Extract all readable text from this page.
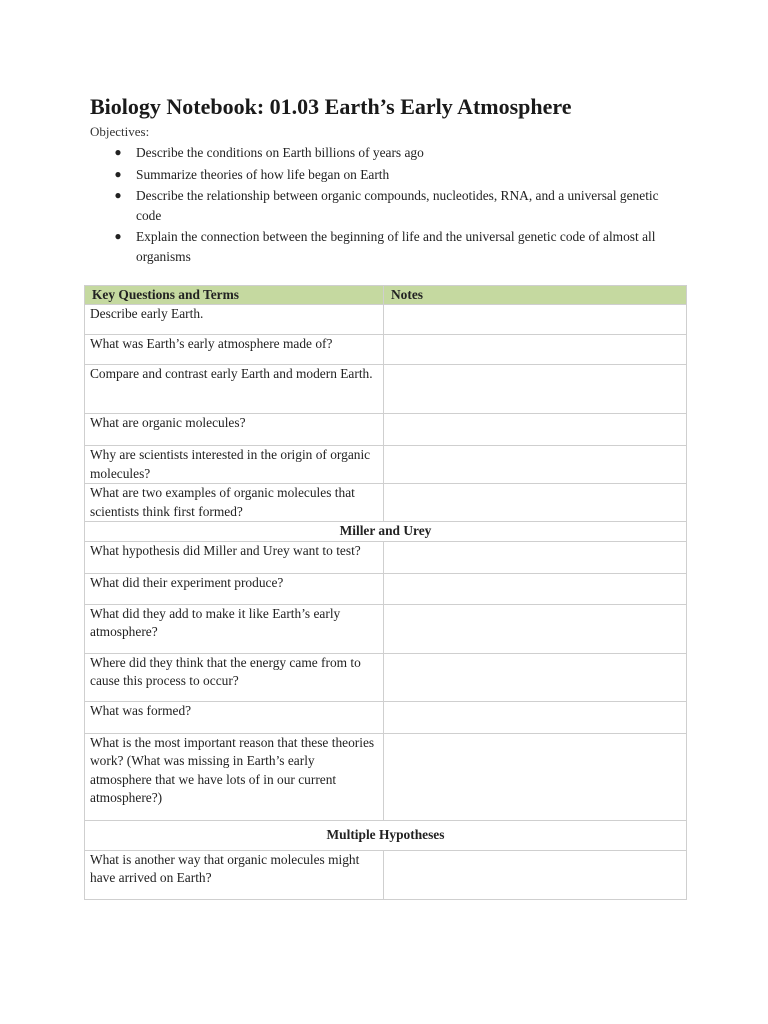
Biology Notebook: 01.03 Earth’s Early Atmosphere
Objectives:
● Describe the conditions on Earth billions of years ago
● Summarize theories of how life began on Earth
● Describe the relationship between organic compounds, nucleotides, RNA, and a universal genetic code
● Explain the connection between the beginning of life and the universal genetic code of almost all organisms
Key Questions and Terms	Notes
Describe early Earth.	
What was Earth’s early atmosphere made of?	
Compare and contrast early Earth and modern Earth.	
What are organic molecules?	
Why are scientists interested in the origin of organic molecules?	
What are two examples of organic molecules that scientists think first formed?	
Miller and Urey	
What hypothesis did Miller and Urey want to test?	
What did their experiment produce?	
What did they add to make it like Earth’s early atmosphere?	
Where did they think that the energy came from to cause this process to occur?	
What was formed?	
What is the most important reason that these theories work? (What was missing in Earth’s early atmosphere that we have lots of in our current atmosphere?)	
Multiple Hypotheses	
What is another way that organic molecules might have arrived on Earth?	
